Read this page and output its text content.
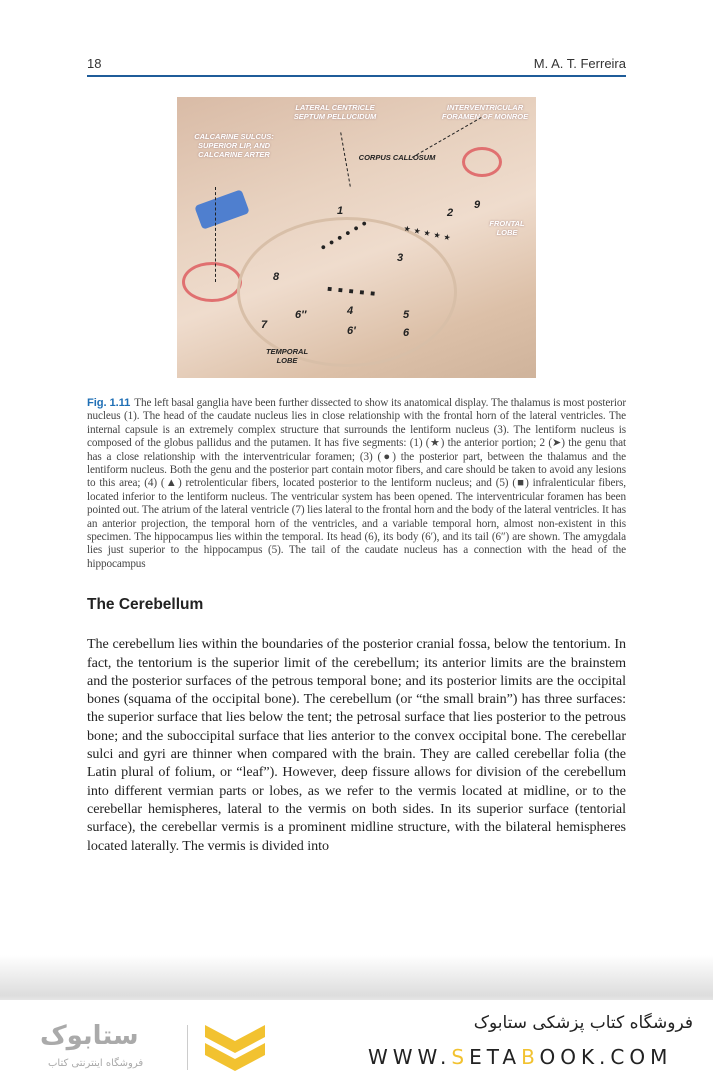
18	M. A. T. Ferreira
CALCARINE SULCUS: SUPERIOR LIP, AND CALCARINE ARTER
LATERAL CENTRICLE SEPTUM PELLUCIDUM
INTERVENTRICULAR FORAMEN OF MONROE
CORPUS CALLOSUM
FRONTAL LOBE
TEMPORAL LOBE
1	2
3
4	5
6
6′
6′′
7
8
9
★★★★★
●●●●●●
■■■■■
Fig. 1.11 The left basal ganglia have been further dissected to show its anatomical display. The thalamus is most posterior nucleus (1). The head of the caudate nucleus lies in close relationship with the frontal horn of the lateral ventricles. The internal capsule is an extremely complex structure that surrounds the lentiform nucleus (3). The lentiform nucleus is composed of the globus pallidus and the putamen. It has five segments: (1) (★) the anterior portion; 2 (➤) the genu that has a close relationship with the interventricular foramen; (3) (●) the posterior part, between the thalamus and the lentiform nucleus. Both the genu and the posterior part contain motor fibers, and care should be taken to avoid any lesions to this area; (4) (▲) retrolenticular fibers, located posterior to the lentiform nucleus; and (5) (■) infralenticular fibers, located inferior to the lentiform nucleus. The ventricular system has been opened. The interventricular foramen has been pointed out. The atrium of the lateral ventricle (7) lies lateral to the frontal horn and the body of the lateral ventricles. It has an anterior projection, the temporal horn of the ventricles, and a variable temporal horn, almost non-existent in this specimen. The hippocampus lies within the temporal. Its head (6), its body (6′), and its tail (6″) are shown. The amygdala lies just superior to the hippocampus (5). The tail of the caudate nucleus has a connection with the head of the hippocampus
The Cerebellum
The cerebellum lies within the boundaries of the posterior cranial fossa, below the tentorium. In fact, the tentorium is the superior limit of the cerebellum; its anterior limits are the brainstem and the posterior surfaces of the petrous temporal bone; and its posterior limits are the occipital bones (squama of the occipital bone). The cerebellum (or “the small brain”) has three surfaces: the superior surface that lies below the tent; the petrosal surface that lies posterior to the petrous bone; and the suboccipital surface that lies anterior to the convex occipital bone. The cerebellar sulci and gyri are thinner when compared with the brain. They are called cerebellar folia (the Latin plural of folium, or “leaf”). However, deep fissure allows for division of the cerebellum into different vermian parts or lobes, as we refer to the vermis located at midline, or to the cerebellar hemispheres, lateral to the vermis on both sides. In its superior surface (tentorial surface), the cerebellar vermis is a prominent midline structure, with the bilateral hemispheres located laterally. The vermis is divided into
ستابوک
فروشگاه اینترنتی کتاب
فروشگاه کتاب پزشکی ستابوک
WWW.SETABOOK.COM
